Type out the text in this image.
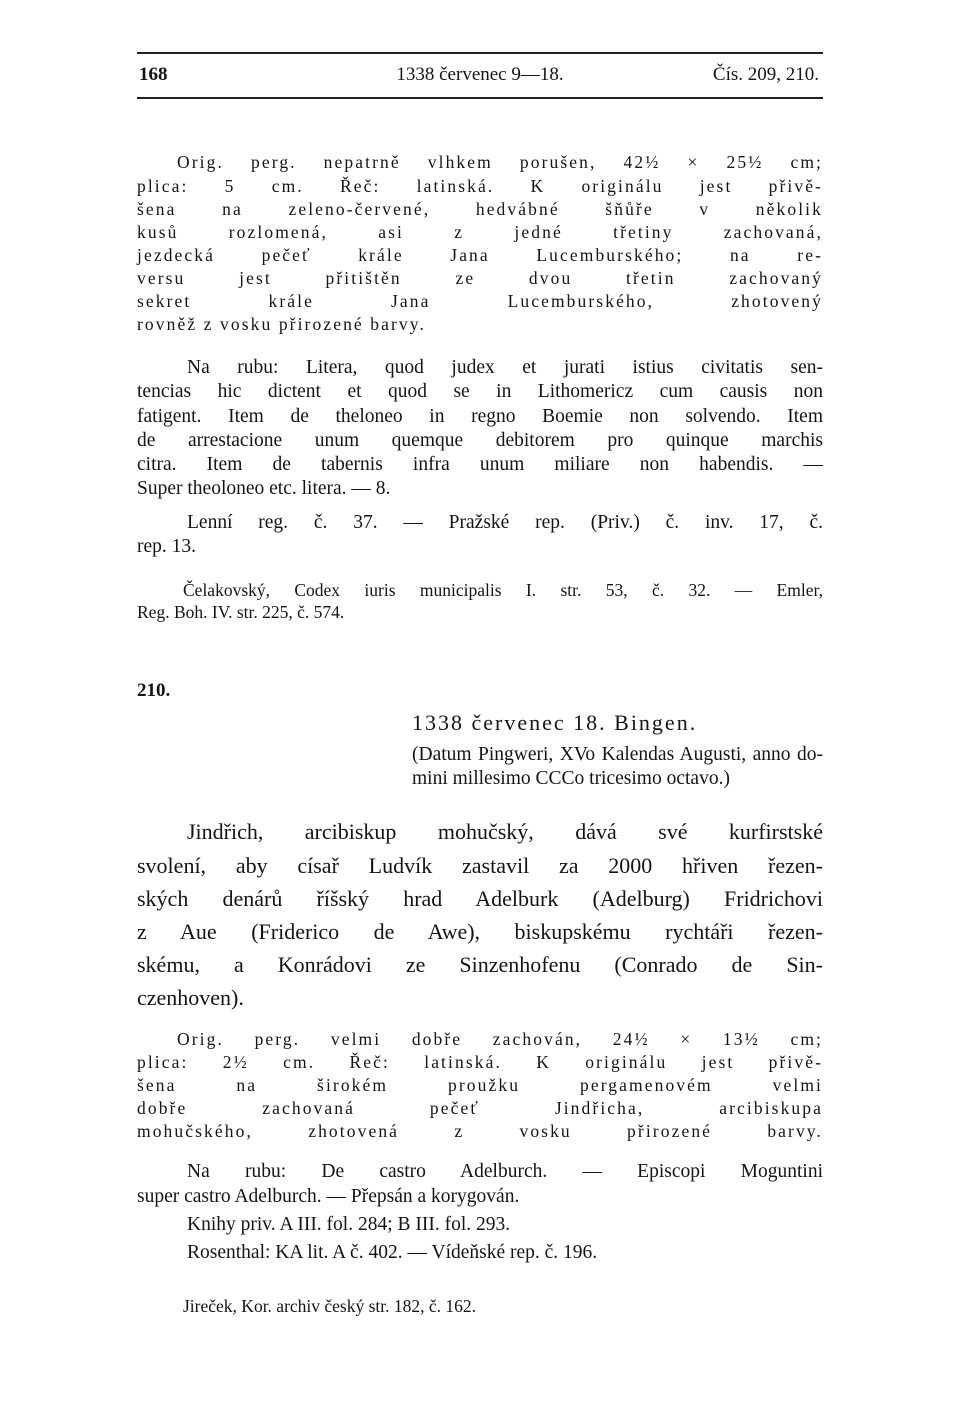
168	1338 červenec 9—18.	Čís. 209, 210.
Orig. perg. nepatrně vlhkem porušen, 42½ × 25½ cm;
plica: 5 cm. Řeč: latinská. K originálu jest přivě-
šena na zeleno-červené, hedvábné šňůře v několik
kusů rozlomená, asi z jedné třetiny zachovaná,
jezdecká pečeť krále Jana Lucemburského; na re-
versu jest přitištěn ze dvou třetin zachovaný
sekret krále Jana Lucemburského, zhotovený
rovněž z vosku přirozené barvy.
Na rubu: Litera, quod judex et jurati istius civitatis sen-
tencias hic dictent et quod se in Lithomericz cum causis non
fatigent. Item de theloneo in regno Boemie non solvendo. Item
de arrestacione unum quemque debitorem pro quinque marchis
citra. Item de tabernis infra unum miliare non habendis. —
Super theoloneo etc. litera. — 8.
Lenní reg. č. 37. — Pražské rep. (Priv.) č. inv. 17, č.
rep. 13.
Čelakovský, Codex iuris municipalis I. str. 53, č. 32. — Emler,
Reg. Boh. IV. str. 225, č. 574.
210.
1338 červenec 18. Bingen.
(Datum Pingweri, XVo Kalendas Augusti, anno do-
mini millesimo CCCo tricesimo octavo.)
Jindřich, arcibiskup mohučský, dává své kurfirstské
svolení, aby císař Ludvík zastavil za 2000 hřiven řezen-
ských denárů říšský hrad Adelburk (Adelburg) Fridrichovi
z Aue (Friderico de Awe), biskupskému rychtáři řezen-
skému, a Konrádovi ze Sinzenhofenu (Conrado de Sin-
czenhoven).
Orig. perg. velmi dobře zachován, 24½ × 13½ cm;
plica: 2½ cm. Řeč: latinská. K originálu jest přivě-
šena na širokém proužku pergamenovém velmi
dobře zachovaná pečeť Jindřicha, arcibiskupa
mohučského, zhotovená z vosku přirozené barvy.
Na rubu: De castro Adelburch. — Episcopi Moguntini
super castro Adelburch. — Přepsán a korygován.
Knihy priv. A III. fol. 284; B III. fol. 293.
Rosenthal: KA lit. A č. 402. — Vídeňské rep. č. 196.
Jireček, Kor. archiv český str. 182, č. 162.
